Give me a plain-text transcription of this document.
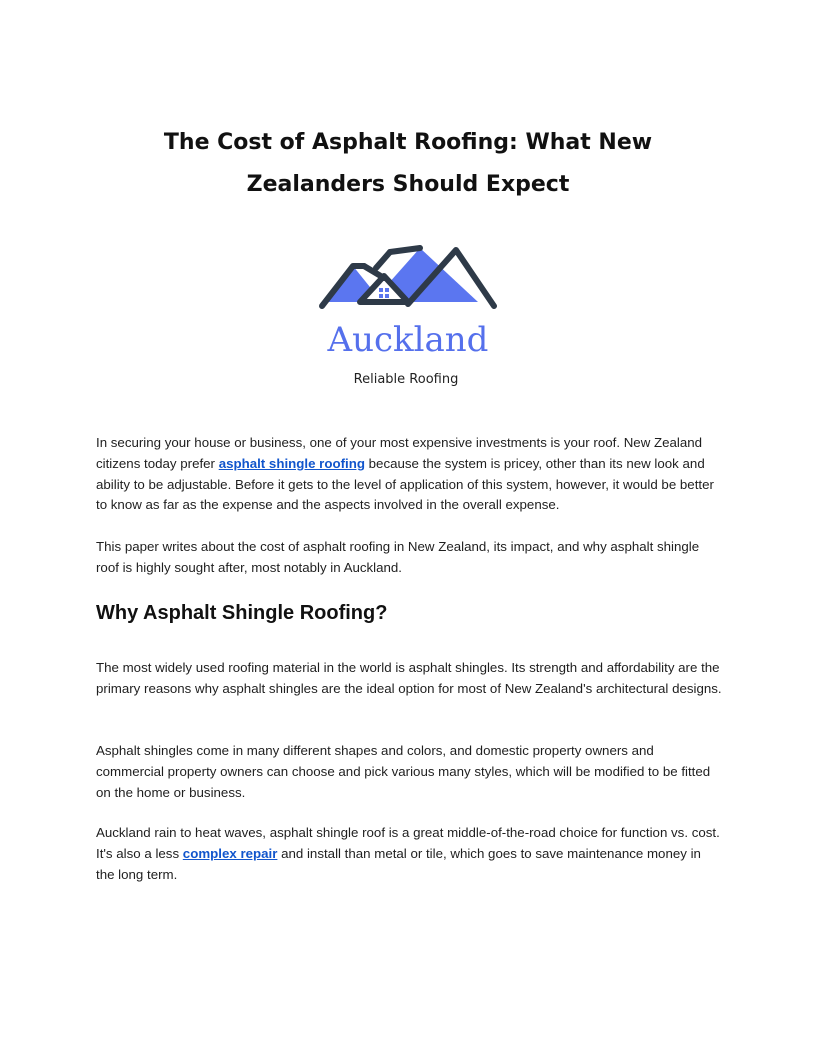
The Cost of Asphalt Roofing: What New Zealanders Should Expect
Auckland
Reliable Roofing

In securing your house or business, one of your most expensive investments is your roof. New Zealand citizens today prefer asphalt shingle roofing because the system is pricey, other than its new look and ability to be adjustable. Before it gets to the level of application of this system, however, it would be better to know as far as the expense and the aspects involved in the overall expense.

This paper writes about the cost of asphalt roofing in New Zealand, its impact, and why asphalt shingle roof is highly sought after, most notably in Auckland.

Why Asphalt Shingle Roofing?

The most widely used roofing material in the world is asphalt shingles. Its strength and affordability are the primary reasons why asphalt shingles are the ideal option for most of New Zealand's architectural designs.

Asphalt shingles come in many different shapes and colors, and domestic property owners and commercial property owners can choose and pick various many styles, which will be modified to be fitted on the home or business.

Auckland rain to heat waves, asphalt shingle roof is a great middle-of-the-road choice for function vs. cost. It's also a less complex repair and install than metal or tile, which goes to save maintenance money in the long term.
